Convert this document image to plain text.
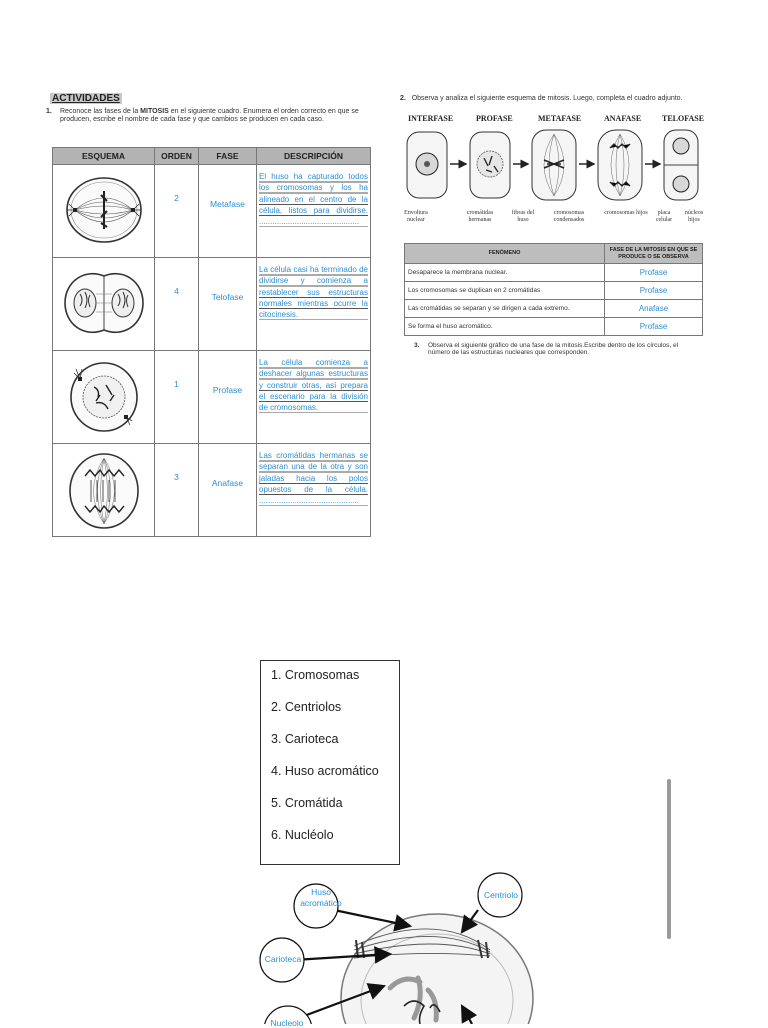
ACTIVIDADES
1. Reconoce las fases de la MITOSIS en el siguiente cuadro. Enumera el orden correcto en que se producen, escribe el nombre de cada fase y que cambios se producen en cada caso.
ESQUEMA	ORDEN	FASE	DESCRIPCIÓN

2	Metafase	El huso ha capturado todos los cromosomas y los ha alineado en el centro de la célula, listos para dividirse. .............................................

4	Telofase	La célula casi ha terminado de dividirse y comienza a restablecer sus estructuras normales mientras ocurre la citocinesis.

1	Profase	La célula comienza a deshacer algunas estructuras y construir otras, así prepara el escenario para la división de cromosomas.

3	Anafase	Las cromátidas hermanas se separan una de la otra y son jaladas hacia los polos opuestos de la célula. .............................................
2. Observa y analiza el siguiente esquema de mitosis. Luego, completa el cuadro adjunto.
INTERFASE	PROFASE	METAFASE	ANAFASE	TELOFASE
Envoltura nuclear
cromátidas hermanas
fibras del huso
cromosomas condensados
cromosomas hijos	placa celular
núcleos hijos
FENÓMENO	FASE DE LA MITOSIS EN QUE SE PRODUCE O SE OBSERVA
Desaparece la membrana nuclear.	Profase
Los cromosomas se duplican en 2 cromátidas	Profase
Las cromátidas se separan y se dirigen a cada extremo.	Anafase
Se forma el huso acromático.	Profase
3. Observa el siguiente gráfico de una fase de la mitosis.Escribe dentro de los círculos, el número de las estructuras nucleares que corresponden.
1. Cromosomas
2. Centriolos
3. Carioteca
4. Huso acromático
5. Cromátida
6. Nucléolo
Huso acromático
Centriolo
Carioteca
Nucleolo
